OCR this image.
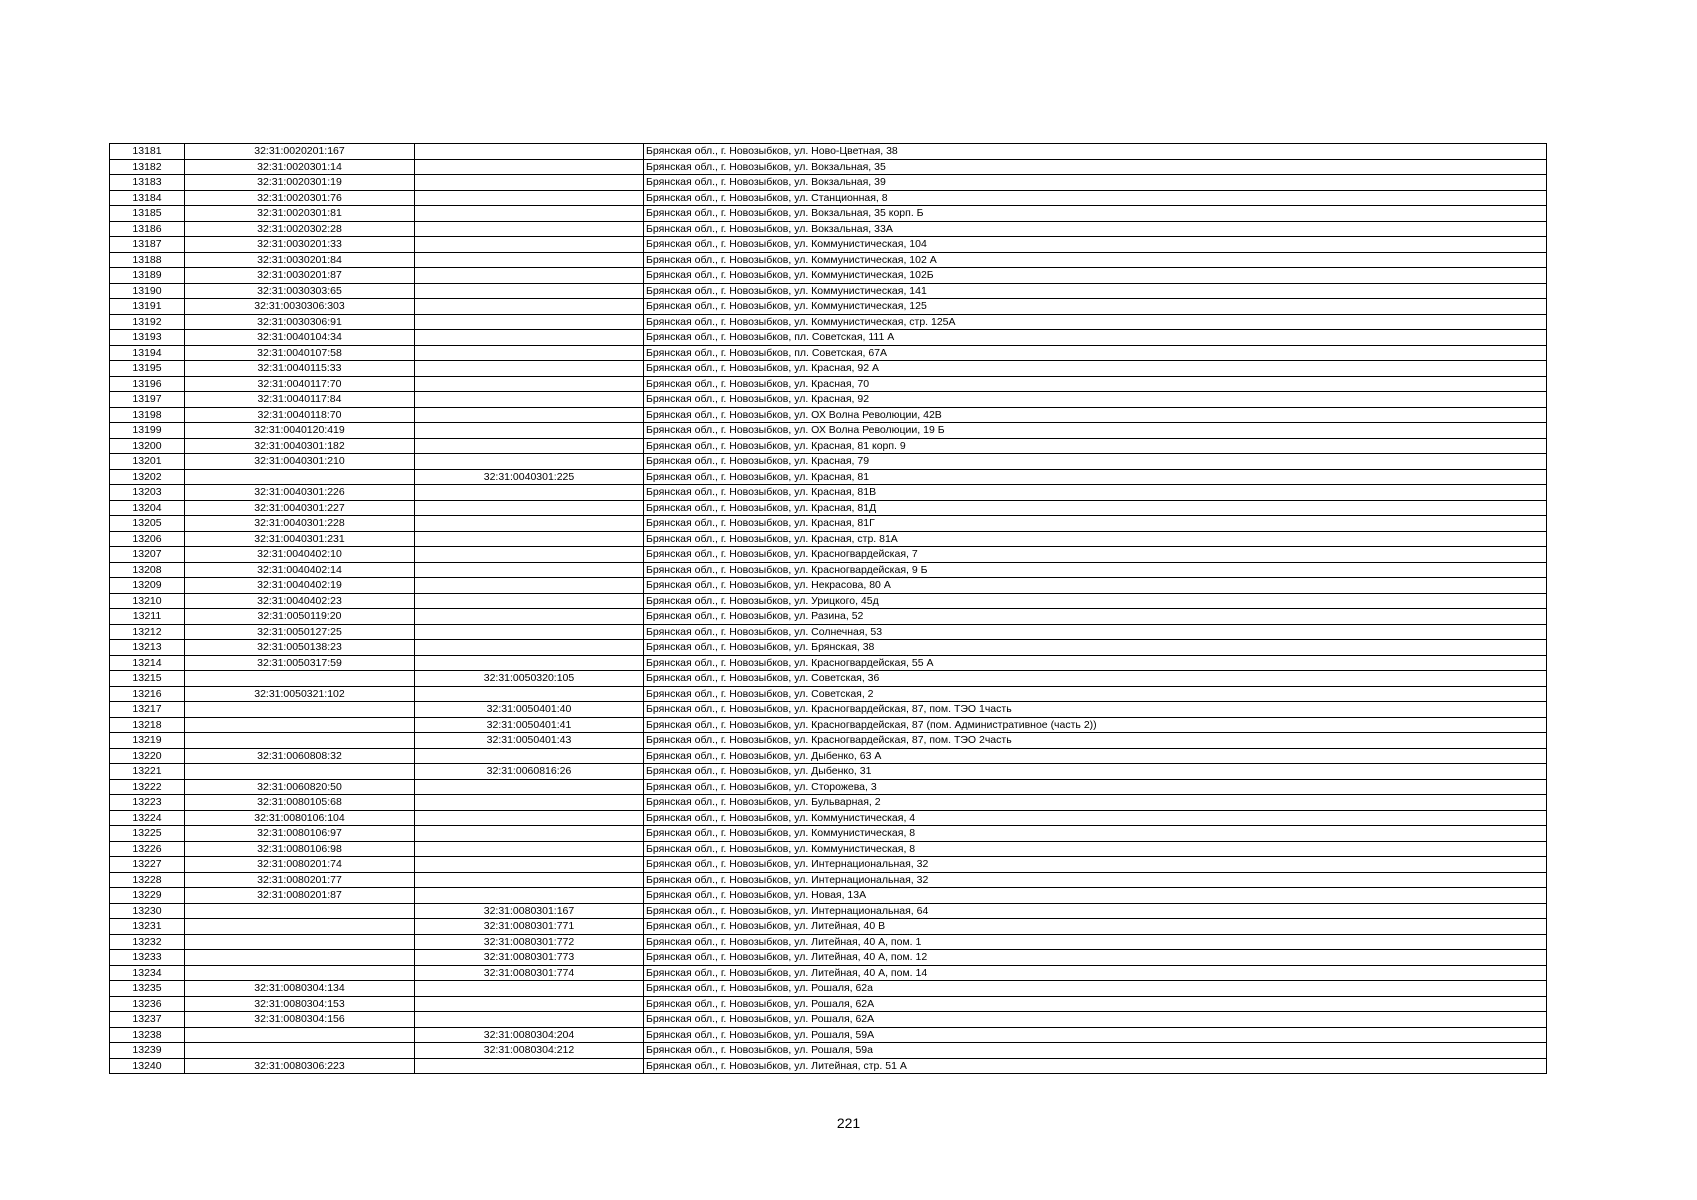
13181	32:31:0020201:167		Брянская обл., г. Новозыбков, ул. Ново-Цветная, 38
13182	32:31:0020301:14		Брянская обл., г. Новозыбков, ул. Вокзальная, 35
13183	32:31:0020301:19		Брянская обл., г. Новозыбков, ул. Вокзальная, 39
13184	32:31:0020301:76		Брянская обл., г. Новозыбков, ул. Станционная, 8
13185	32:31:0020301:81		Брянская обл., г. Новозыбков, ул. Вокзальная, 35 корп. Б
13186	32:31:0020302:28		Брянская обл., г. Новозыбков, ул. Вокзальная, 33А
13187	32:31:0030201:33		Брянская обл., г. Новозыбков, ул. Коммунистическая, 104
13188	32:31:0030201:84		Брянская обл., г. Новозыбков, ул. Коммунистическая, 102 А
13189	32:31:0030201:87		Брянская обл., г. Новозыбков, ул. Коммунистическая, 102Б
13190	32:31:0030303:65		Брянская обл., г. Новозыбков, ул. Коммунистическая, 141
13191	32:31:0030306:303		Брянская обл., г. Новозыбков, ул. Коммунистическая, 125
13192	32:31:0030306:91		Брянская обл., г. Новозыбков, ул. Коммунистическая, стр. 125А
13193	32:31:0040104:34		Брянская обл., г. Новозыбков, пл. Советская, 111 А
13194	32:31:0040107:58		Брянская обл., г. Новозыбков, пл. Советская, 67А
13195	32:31:0040115:33		Брянская обл., г. Новозыбков, ул. Красная, 92 А
13196	32:31:0040117:70		Брянская обл., г. Новозыбков, ул. Красная, 70
13197	32:31:0040117:84		Брянская обл., г. Новозыбков, ул. Красная, 92
13198	32:31:0040118:70		Брянская обл., г. Новозыбков, ул. ОХ Волна Революции, 42В
13199	32:31:0040120:419		Брянская обл., г. Новозыбков, ул. ОХ Волна Революции, 19 Б
13200	32:31:0040301:182		Брянская обл., г. Новозыбков, ул. Красная, 81 корп. 9
13201	32:31:0040301:210		Брянская обл., г. Новозыбков, ул. Красная, 79
13202		32:31:0040301:225	Брянская обл., г. Новозыбков, ул. Красная, 81
13203	32:31:0040301:226		Брянская обл., г. Новозыбков, ул. Красная, 81В
13204	32:31:0040301:227		Брянская обл., г. Новозыбков, ул. Красная, 81Д
13205	32:31:0040301:228		Брянская обл., г. Новозыбков, ул. Красная, 81Г
13206	32:31:0040301:231		Брянская обл., г. Новозыбков, ул. Красная, стр. 81А
13207	32:31:0040402:10		Брянская обл., г. Новозыбков, ул. Красногвардейская, 7
13208	32:31:0040402:14		Брянская обл., г. Новозыбков, ул. Красногвардейская, 9 Б
13209	32:31:0040402:19		Брянская обл., г. Новозыбков, ул. Некрасова, 80 А
13210	32:31:0040402:23		Брянская обл., г. Новозыбков, ул. Урицкого, 45д
13211	32:31:0050119:20		Брянская обл., г. Новозыбков, ул. Разина, 52
13212	32:31:0050127:25		Брянская обл., г. Новозыбков, ул. Солнечная, 53
13213	32:31:0050138:23		Брянская обл., г. Новозыбков, ул. Брянская, 38
13214	32:31:0050317:59		Брянская обл., г. Новозыбков, ул. Красногвардейская, 55 А
13215		32:31:0050320:105	Брянская обл., г. Новозыбков, ул. Советская, 36
13216	32:31:0050321:102		Брянская обл., г. Новозыбков, ул. Советская, 2
13217		32:31:0050401:40	Брянская обл., г. Новозыбков, ул. Красногвардейская, 87, пом. ТЭО 1часть
13218		32:31:0050401:41	Брянская обл., г. Новозыбков, ул. Красногвардейская, 87 (пом. Административное (часть 2))
13219		32:31:0050401:43	Брянская обл., г. Новозыбков, ул. Красногвардейская, 87, пом. ТЭО 2часть
13220	32:31:0060808:32		Брянская обл., г. Новозыбков, ул. Дыбенко, 63 А
13221		32:31:0060816:26	Брянская обл., г. Новозыбков, ул. Дыбенко, 31
13222	32:31:0060820:50		Брянская обл., г. Новозыбков, ул. Сторожева, 3
13223	32:31:0080105:68		Брянская обл., г. Новозыбков, ул. Бульварная, 2
13224	32:31:0080106:104		Брянская обл., г. Новозыбков, ул. Коммунистическая, 4
13225	32:31:0080106:97		Брянская обл., г. Новозыбков, ул. Коммунистическая, 8
13226	32:31:0080106:98		Брянская обл., г. Новозыбков, ул. Коммунистическая, 8
13227	32:31:0080201:74		Брянская обл., г. Новозыбков, ул. Интернациональная, 32
13228	32:31:0080201:77		Брянская обл., г. Новозыбков, ул. Интернациональная, 32
13229	32:31:0080201:87		Брянская обл., г. Новозыбков, ул. Новая, 13А
13230		32:31:0080301:167	Брянская обл., г. Новозыбков, ул. Интернациональная, 64
13231		32:31:0080301:771	Брянская обл., г. Новозыбков, ул. Литейная, 40 В
13232		32:31:0080301:772	Брянская обл., г. Новозыбков, ул. Литейная, 40 А, пом. 1
13233		32:31:0080301:773	Брянская обл., г. Новозыбков, ул. Литейная, 40 А, пом. 12
13234		32:31:0080301:774	Брянская обл., г. Новозыбков, ул. Литейная, 40 А, пом. 14
13235	32:31:0080304:134		Брянская обл., г. Новозыбков, ул. Рошаля, 62а
13236	32:31:0080304:153		Брянская обл., г. Новозыбков, ул. Рошаля, 62А
13237	32:31:0080304:156		Брянская обл., г. Новозыбков, ул. Рошаля, 62А
13238		32:31:0080304:204	Брянская обл., г. Новозыбков, ул. Рошаля, 59А
13239		32:31:0080304:212	Брянская обл., г. Новозыбков, ул. Рошаля, 59а
13240	32:31:0080306:223		Брянская обл., г. Новозыбков, ул. Литейная, стр. 51 А
221
